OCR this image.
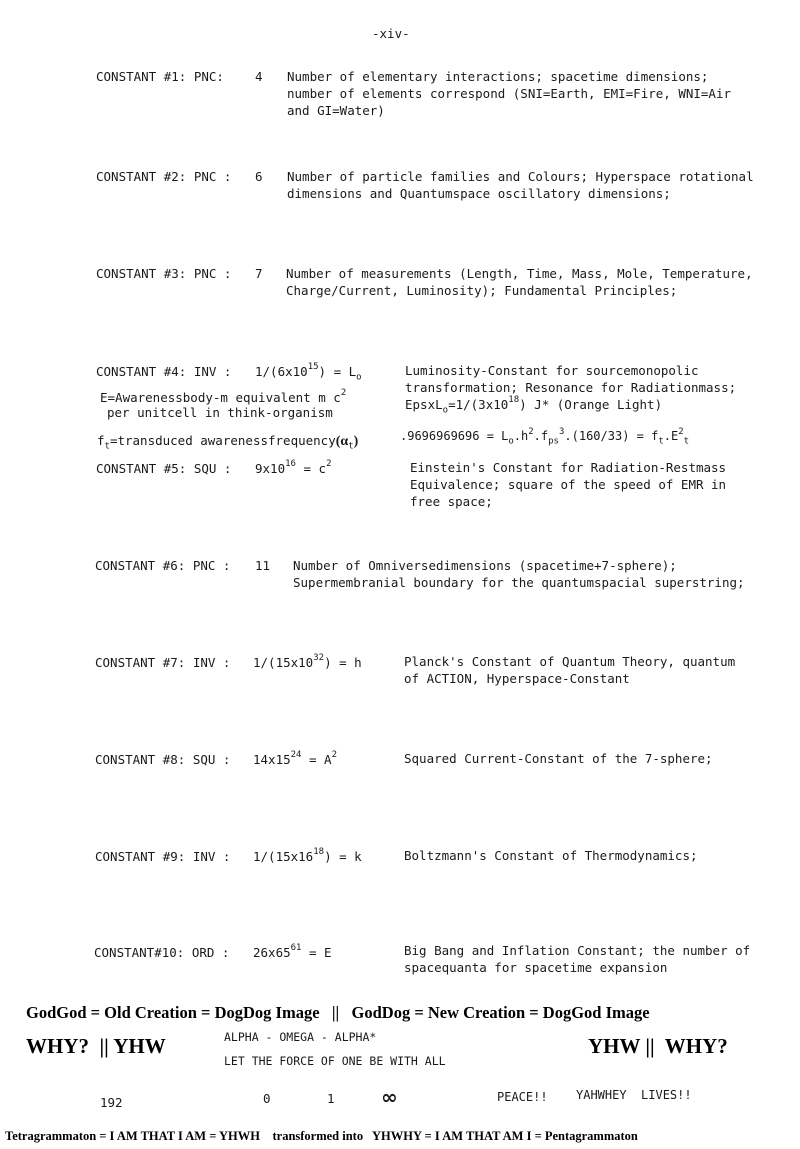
-xiv-
CONSTANT #1: PNC: 4 Number of elementary interactions; spacetime dimensions;
number of elements correspond (SNI=Earth, EMI=Fire, WNI=Air
and GI=Water)
CONSTANT #2: PNC : 6 Number of particle families and Colours; Hyperspace rotational
dimensions and Quantumspace oscillatory dimensions;
CONSTANT #3: PNC : 7 Number of measurements (Length, Time, Mass, Mole, Temperature,
Charge/Current, Luminosity); Fundamental Principles;
CONSTANT #4: INV : $1/(6x10^{15}) = L_o$	Luminosity-Constant for sourcemonopolic
transformation; Resonance for Radiationmass;
$EpsxL_o=1/(3x10^{18})$ J* (Orange Light)
E=Awarenessbody-m equivalent m $c^2$
per unitcell in think-organism
$f_t=transduced$ $awarenessfrequency(\alpha_t)$	$.9696969696 = L_o.h^2.f_{ps}^3.(160/33) = f_t.E^2_t$
CONSTANT #5: SQU : $9x10^{16} = c^2$	Einstein's Constant for Radiation-Restmass
Equivalence; square of the speed of EMR in
free space;
CONSTANT #6: PNC : 11 Number of Omniversedimensions (spacetime+7-sphere);
Supermembranial boundary for the quantumspacial superstring;
CONSTANT #7: INV : $1/(15x10^{32}) = h$	Planck's Constant of Quantum Theory, quantum
of ACTION, Hyperspace-Constant
CONSTANT #8: SQU : $14x15^{24} = A^2$	Squared Current-Constant of the 7-sphere;
CONSTANT #9: INV : $1/(15x16^{18}) = k$	Boltzmann's Constant of Thermodynamics;
CONSTANT#10: ORD : $26x65^{61} = E$	Big Bang and Inflation Constant; the number of
spacequanta for spacetime expansion
GodGod = Old Creation = DogDog Image   ||   GodDog = New Creation = DogGod Image
WHY?  || YHW	YHW ||  WHY?
ALPHA - OMEGA - ALPHA*
LET THE FORCE OF ONE BE WITH ALL
192	0	1 ∞	PEACE!! YAHWHEY  LIVES!!
Tetragrammaton = I AM THAT I AM = YHWH    transformed into   YHWHY = I AM THAT AM I = Pentagrammaton
